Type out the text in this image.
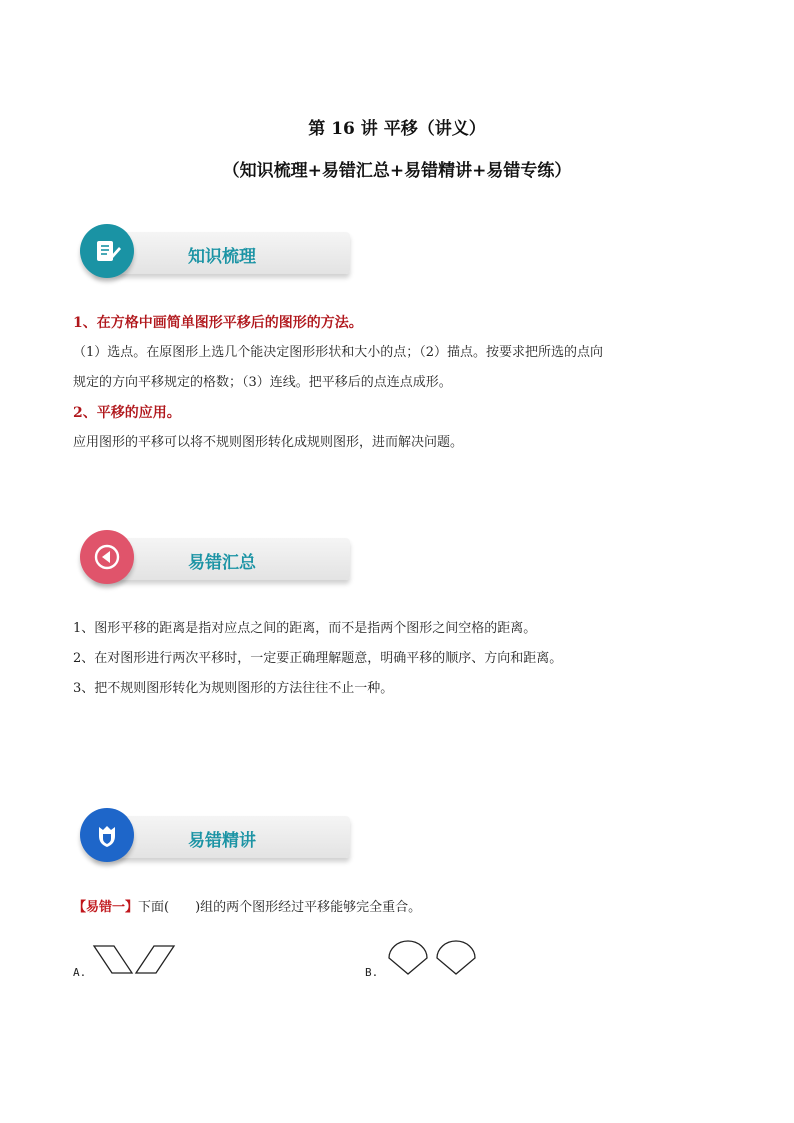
第 16 讲 平移（讲义）
（知识梳理+易错汇总+易错精讲+易错专练）
知识梳理
1、在方格中画简单图形平移后的图形的方法。
（1）选点。在原图形上选几个能决定图形形状和大小的点；（2）描点。按要求把所选的点向
规定的方向平移规定的格数；（3）连线。把平移后的点连点成形。
2、平移的应用。
应用图形的平移可以将不规则图形转化成规则图形，进而解决问题。
易错汇总
1、图形平移的距离是指对应点之间的距离，而不是指两个图形之间空格的距离。
2、在对图形进行两次平移时，一定要正确理解题意，明确平移的顺序、方向和距离。
3、把不规则图形转化为规则图形的方法往往不止一种。
易错精讲
【易错一】下面(　　)组的两个图形经过平移能够完全重合。
A.	B.
